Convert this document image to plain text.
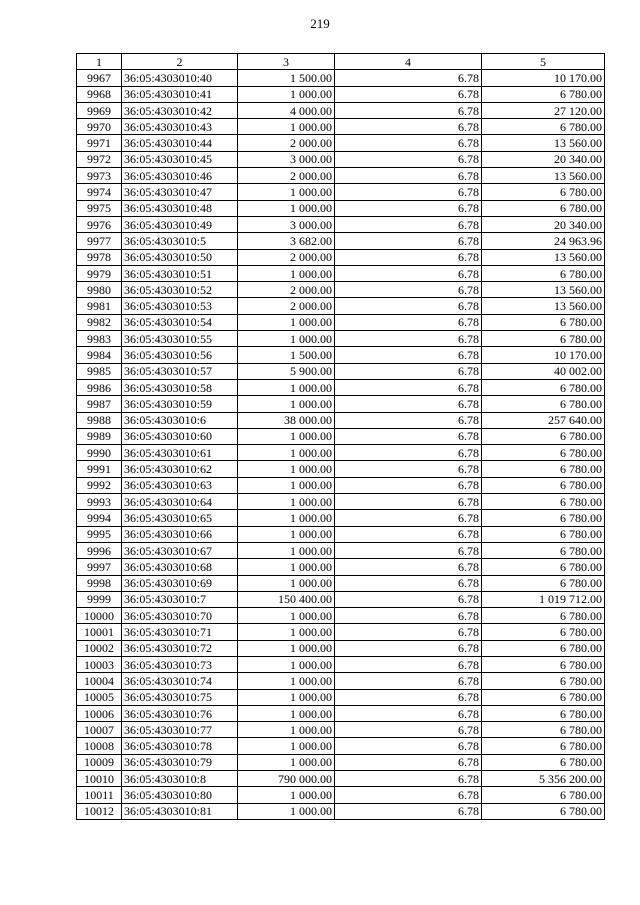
219
1	2	3	4	5
9967	36:05:4303010:40	1 500.00	6.78	10 170.00
9968	36:05:4303010:41	1 000.00	6.78	6 780.00
9969	36:05:4303010:42	4 000.00	6.78	27 120.00
9970	36:05:4303010:43	1 000.00	6.78	6 780.00
9971	36:05:4303010:44	2 000.00	6.78	13 560.00
9972	36:05:4303010:45	3 000.00	6.78	20 340.00
9973	36:05:4303010:46	2 000.00	6.78	13 560.00
9974	36:05:4303010:47	1 000.00	6.78	6 780.00
9975	36:05:4303010:48	1 000.00	6.78	6 780.00
9976	36:05:4303010:49	3 000.00	6.78	20 340.00
9977	36:05:4303010:5	3 682.00	6.78	24 963.96
9978	36:05:4303010:50	2 000.00	6.78	13 560.00
9979	36:05:4303010:51	1 000.00	6.78	6 780.00
9980	36:05:4303010:52	2 000.00	6.78	13 560.00
9981	36:05:4303010:53	2 000.00	6.78	13 560.00
9982	36:05:4303010:54	1 000.00	6.78	6 780.00
9983	36:05:4303010:55	1 000.00	6.78	6 780.00
9984	36:05:4303010:56	1 500.00	6.78	10 170.00
9985	36:05:4303010:57	5 900.00	6.78	40 002.00
9986	36:05:4303010:58	1 000.00	6.78	6 780.00
9987	36:05:4303010:59	1 000.00	6.78	6 780.00
9988	36:05:4303010:6	38 000.00	6.78	257 640.00
9989	36:05:4303010:60	1 000.00	6.78	6 780.00
9990	36:05:4303010:61	1 000.00	6.78	6 780.00
9991	36:05:4303010:62	1 000.00	6.78	6 780.00
9992	36:05:4303010:63	1 000.00	6.78	6 780.00
9993	36:05:4303010:64	1 000.00	6.78	6 780.00
9994	36:05:4303010:65	1 000.00	6.78	6 780.00
9995	36:05:4303010:66	1 000.00	6.78	6 780.00
9996	36:05:4303010:67	1 000.00	6.78	6 780.00
9997	36:05:4303010:68	1 000.00	6.78	6 780.00
9998	36:05:4303010:69	1 000.00	6.78	6 780.00
9999	36:05:4303010:7	150 400.00	6.78	1 019 712.00
10000	36:05:4303010:70	1 000.00	6.78	6 780.00
10001	36:05:4303010:71	1 000.00	6.78	6 780.00
10002	36:05:4303010:72	1 000.00	6.78	6 780.00
10003	36:05:4303010:73	1 000.00	6.78	6 780.00
10004	36:05:4303010:74	1 000.00	6.78	6 780.00
10005	36:05:4303010:75	1 000.00	6.78	6 780.00
10006	36:05:4303010:76	1 000.00	6.78	6 780.00
10007	36:05:4303010:77	1 000.00	6.78	6 780.00
10008	36:05:4303010:78	1 000.00	6.78	6 780.00
10009	36:05:4303010:79	1 000.00	6.78	6 780.00
10010	36:05:4303010:8	790 000.00	6.78	5 356 200.00
10011	36:05:4303010:80	1 000.00	6.78	6 780.00
10012	36:05:4303010:81	1 000.00	6.78	6 780.00
